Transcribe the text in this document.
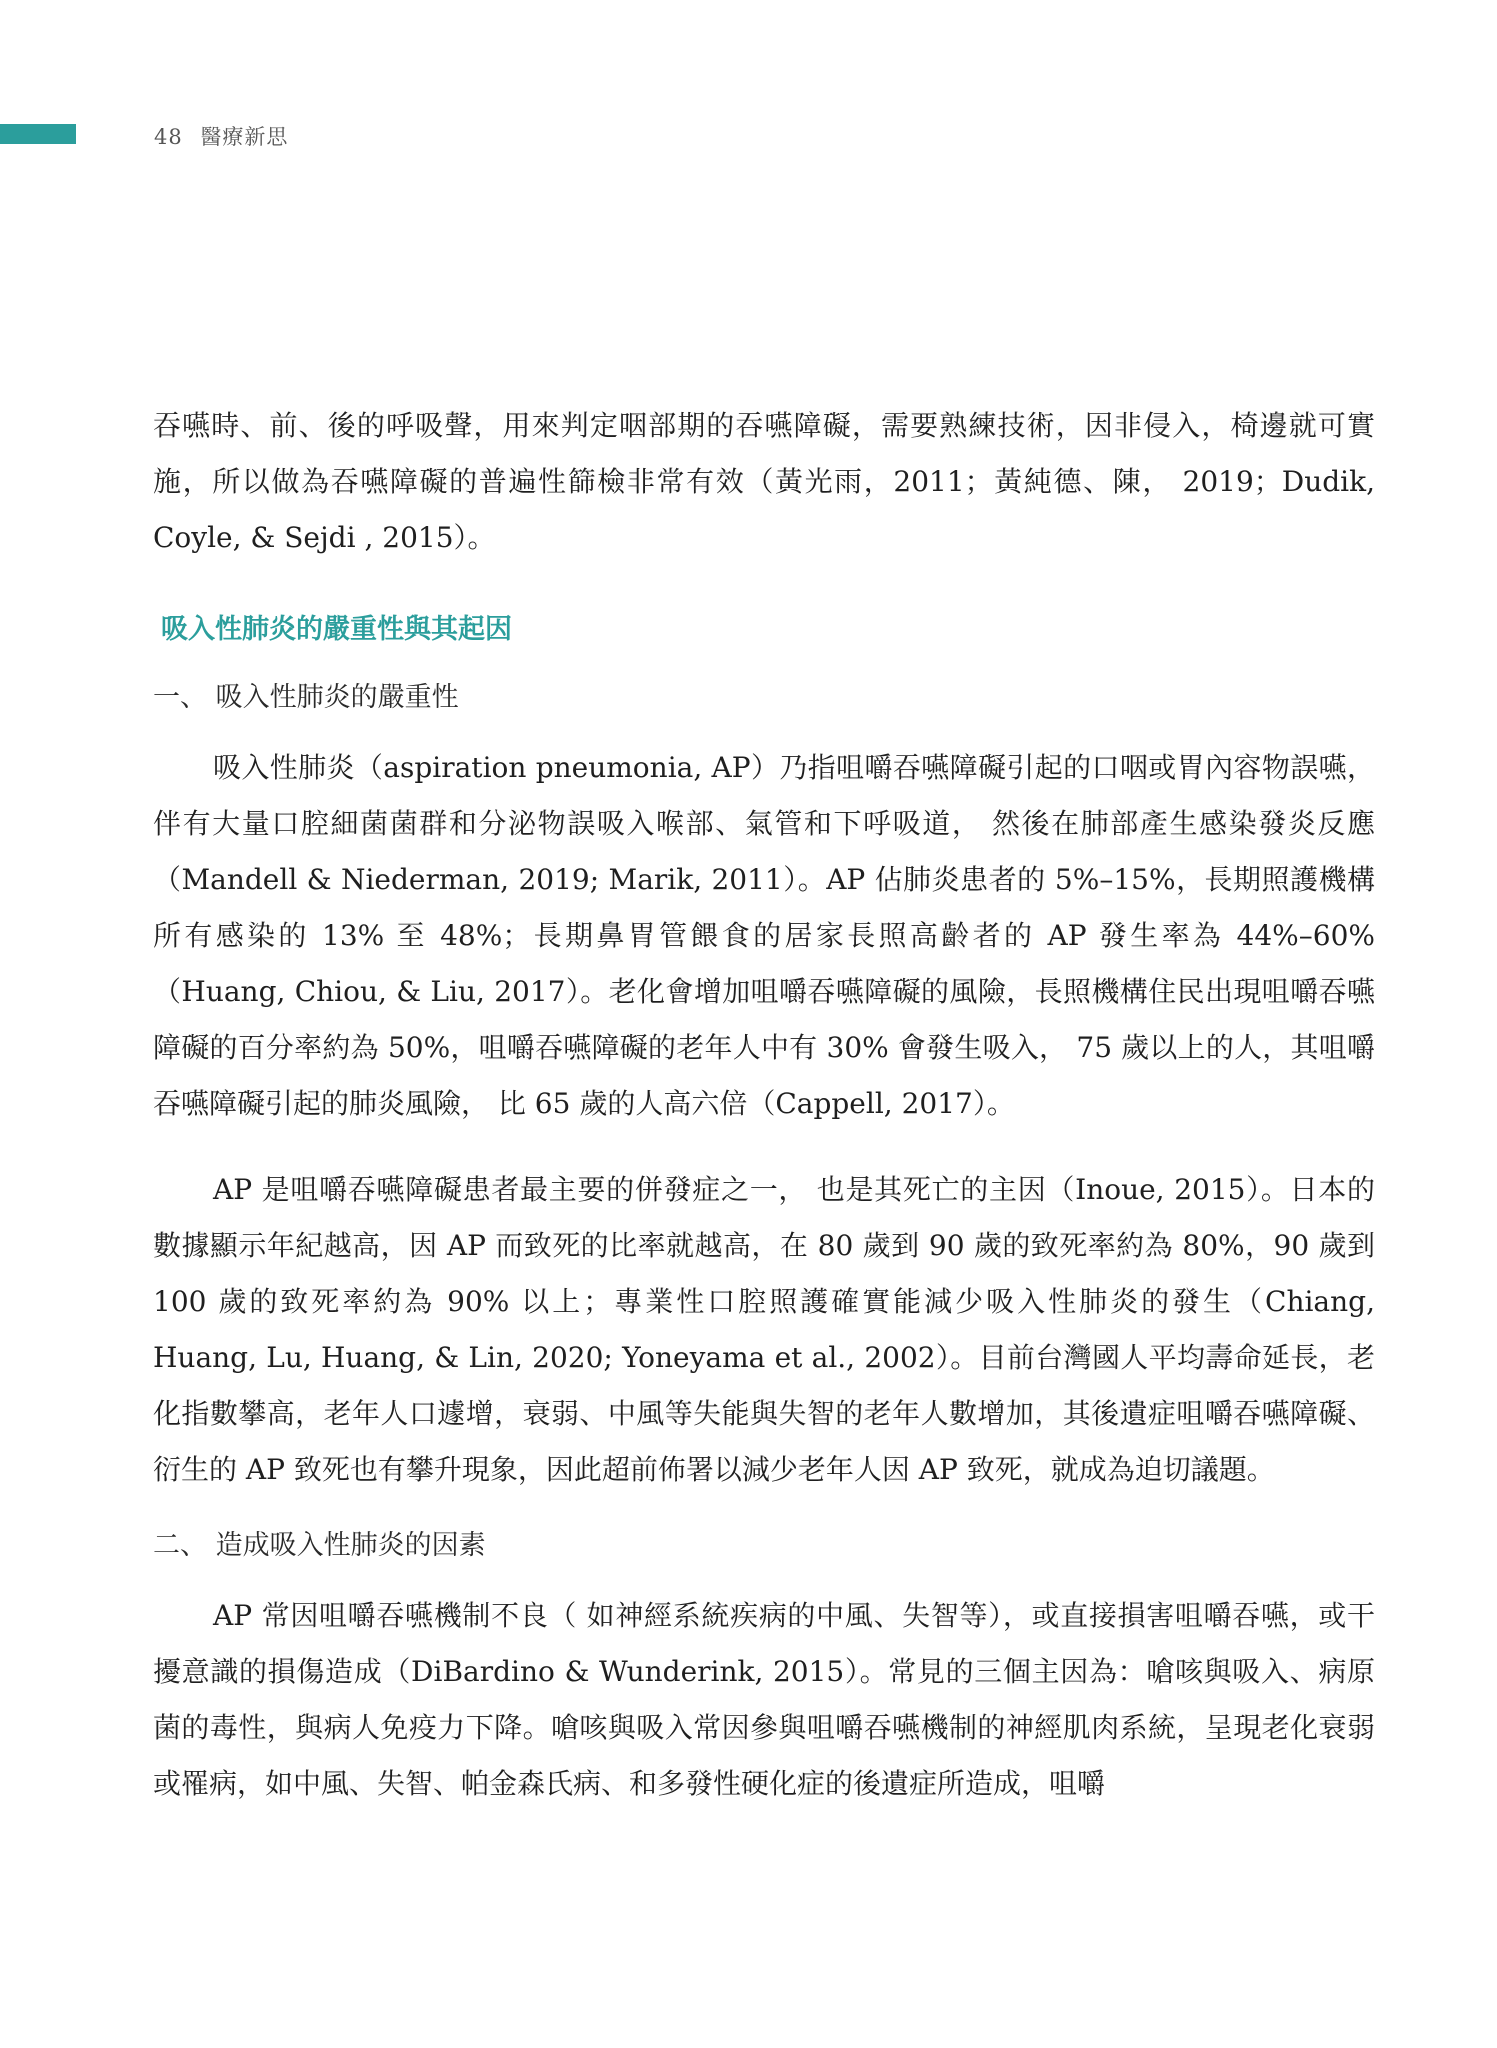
48 醫療新思

吞嚥時、前、後的呼吸聲，用來判定咽部期的吞嚥障礙，需要熟練技術，因非侵入，椅邊就可實施，所以做為吞嚥障礙的普遍性篩檢非常有效（黃光雨，2011；黃純德、陳， 2019；Dudik, Coyle, & Sejdi , 2015）。

吸入性肺炎的嚴重性與其起因
一、 吸入性肺炎的嚴重性

吸入性肺炎（aspiration pneumonia, AP）乃指咀嚼吞嚥障礙引起的口咽或胃內容物誤嚥，伴有大量口腔細菌菌群和分泌物誤吸入喉部、氣管和下呼吸道， 然後在肺部產生感染發炎反應（Mandell & Niederman, 2019; Marik, 2011）。AP 佔肺炎患者的 5%–15%，長期照護機構所有感染的 13% 至 48%；長期鼻胃管餵食的居家長照高齡者的 AP 發生率為 44%–60%（Huang, Chiou, & Liu, 2017）。老化會增加咀嚼吞嚥障礙的風險，長照機構住民出現咀嚼吞嚥障礙的百分率約為 50%，咀嚼吞嚥障礙的老年人中有 30% 會發生吸入， 75 歲以上的人，其咀嚼吞嚥障礙引起的肺炎風險， 比 65 歲的人高六倍（Cappell, 2017）。

AP 是咀嚼吞嚥障礙患者最主要的併發症之一， 也是其死亡的主因（Inoue, 2015）。日本的數據顯示年紀越高，因 AP 而致死的比率就越高，在 80 歲到 90 歲的致死率約為 80%，90 歲到 100 歲的致死率約為 90% 以上；專業性口腔照護確實能減少吸入性肺炎的發生（Chiang, Huang, Lu, Huang, & Lin, 2020; Yoneyama et al., 2002）。目前台灣國人平均壽命延長，老化指數攀高，老年人口遽增，衰弱、中風等失能與失智的老年人數增加，其後遺症咀嚼吞嚥障礙、衍生的 AP 致死也有攀升現象，因此超前佈署以減少老年人因 AP 致死，就成為迫切議題。

二、 造成吸入性肺炎的因素

AP 常因咀嚼吞嚥機制不良（ 如神經系統疾病的中風、失智等），或直接損害咀嚼吞嚥，或干擾意識的損傷造成（DiBardino & Wunderink, 2015）。常見的三個主因為：嗆咳與吸入、病原菌的毒性，與病人免疫力下降。嗆咳與吸入常因參與咀嚼吞嚥機制的神經肌肉系統，呈現老化衰弱或罹病，如中風、失智、帕金森氏病、和多發性硬化症的後遺症所造成，咀嚼
